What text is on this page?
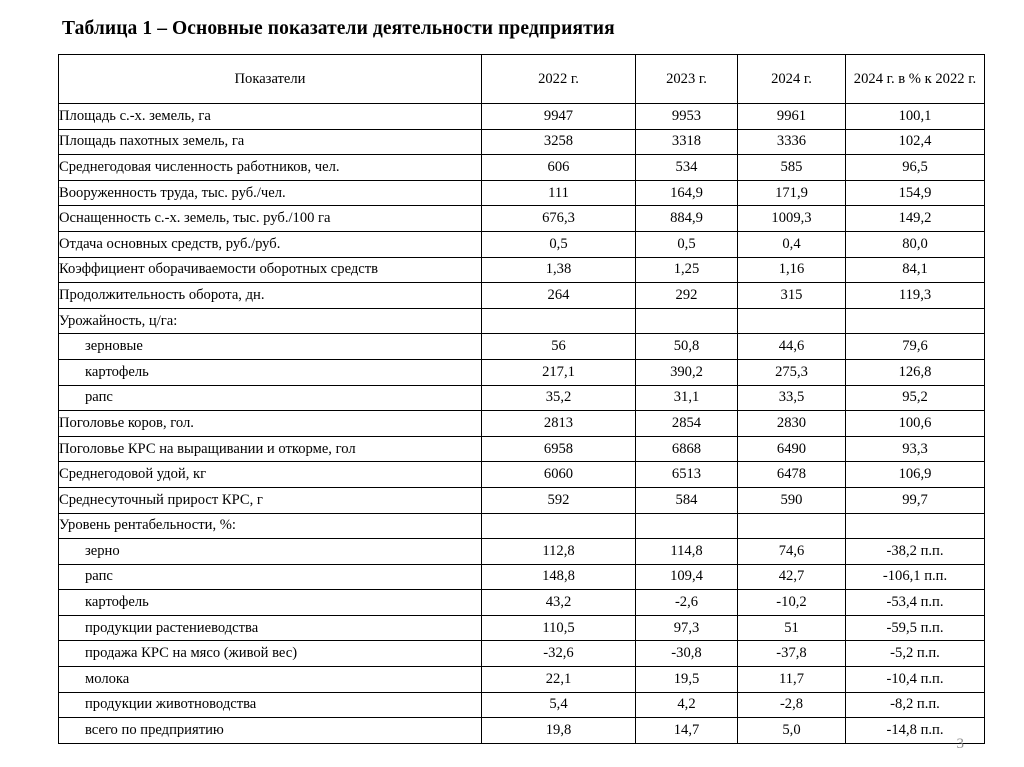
Таблица 1 – Основные показатели деятельности предприятия
Показатели	2022 г.	2023 г.	2024 г.	2024 г. в % к 2022 г.
Площадь с.-х. земель, га	9947	9953	9961	100,1
Площадь пахотных земель, га	3258	3318	3336	102,4
Среднегодовая численность работников, чел.	606	534	585	96,5
Вооруженность труда, тыс. руб./чел.	111	164,9	171,9	154,9
Оснащенность с.-х. земель, тыс. руб./100 га	676,3	884,9	1009,3	149,2
Отдача основных средств, руб./руб.	0,5	0,5	0,4	80,0
Коэффициент оборачиваемости оборотных средств	1,38	1,25	1,16	84,1
Продолжительность оборота, дн.	264	292	315	119,3
Урожайность, ц/га:				
зерновые	56	50,8	44,6	79,6
картофель	217,1	390,2	275,3	126,8
рапс	35,2	31,1	33,5	95,2
Поголовье коров, гол.	2813	2854	2830	100,6
Поголовье КРС на выращивании и откорме, гол	6958	6868	6490	93,3
Среднегодовой удой, кг	6060	6513	6478	106,9
Среднесуточный прирост КРС, г	592	584	590	99,7
Уровень рентабельности, %:				
зерно	112,8	114,8	74,6	-38,2 п.п.
рапс	148,8	109,4	42,7	-106,1 п.п.
картофель	43,2	-2,6	-10,2	-53,4 п.п.
продукции растениеводства	110,5	97,3	51	-59,5 п.п.
продажа КРС на мясо (живой вес)	-32,6	-30,8	-37,8	-5,2 п.п.
молока	22,1	19,5	11,7	-10,4 п.п.
продукции животноводства	5,4	4,2	-2,8	-8,2 п.п.
всего по предприятию	19,8	14,7	5,0	-14,8 п.п.
3
